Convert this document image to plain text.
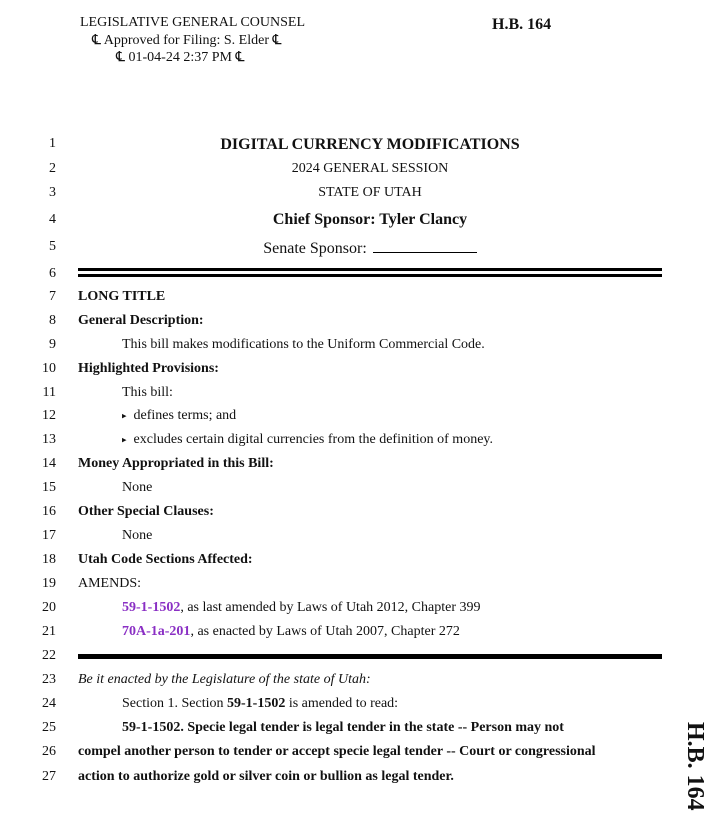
LEGISLATIVE GENERAL COUNSEL
℄ Approved for Filing: S. Elder ℄
℄ 01-04-24 2:37 PM ℄
H.B. 164
1
2
3
4
5
6
7
8
9
10
11
12
13
14
15
16
17
18
19
20
21
22
23
24
25
26
27
DIGITAL CURRENCY MODIFICATIONS
2024 GENERAL SESSION
STATE OF UTAH
Chief Sponsor: Tyler Clancy
Senate Sponsor:
LONG TITLE
General Description:
This bill makes modifications to the Uniform Commercial Code.
Highlighted Provisions:
This bill:
▸ defines terms; and
▸ excludes certain digital currencies from the definition of money.
Money Appropriated in this Bill:
None
Other Special Clauses:
None
Utah Code Sections Affected:
AMENDS:
59-1-1502, as last amended by Laws of Utah 2012, Chapter 399
70A-1a-201, as enacted by Laws of Utah 2007, Chapter 272
Be it enacted by the Legislature of the state of Utah:
Section 1. Section 59-1-1502 is amended to read:
59-1-1502. Specie legal tender is legal tender in the state -- Person may not
compel another person to tender or accept specie legal tender -- Court or congressional
action to authorize gold or silver coin or bullion as legal tender.	H.B. 164
